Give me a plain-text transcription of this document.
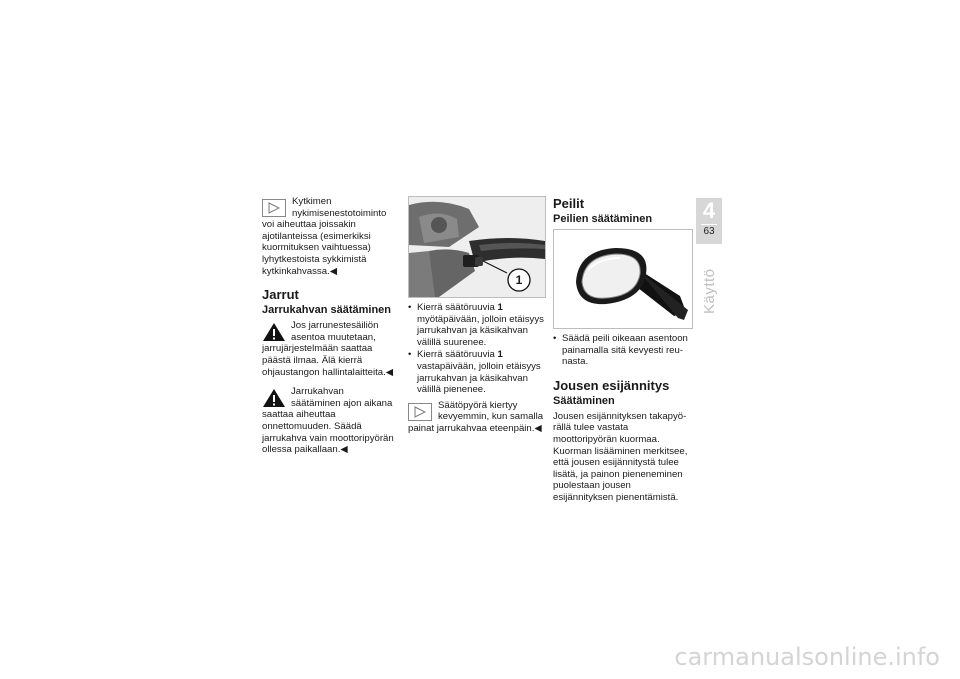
Kytkimen nykimisenestotoiminto voi aiheuttaa joissakin ajotilanteissa (esimerkiksi kuormituksen vaihtuessa) lyhytkestoista sykkimistä kytkinkahvassa.◀

Jarrut
Jarrukahvan säätäminen

Jos jarrunestesäiliön asentoa muutetaan, jarrujärjestelmään saattaa päästä ilmaa. Älä kierrä ohjaustangon hallintalaitteita.◀

Jarrukahvan säätäminen ajon aikana saattaa aiheuttaa onnettomuuden. Säädä jarrukahva vain moottoripyörän ollessa paikallaan.◀

1
• Kierrä säätöruuvia 1 myötäpäivään, jolloin etäisyys jarrukahvan ja käsikahvan välillä suurenee.
• Kierrä säätöruuvia 1 vastapäivään, jolloin etäisyys jarrukahvan ja käsikahvan välillä pienenee.

Säätöpyörä kiertyy kevyemmin, kun samalla painat jarrukahvaa eteenpäin.◀

Peilit
Peilien säätäminen
• Säädä peili oikeaan asentoon painamalla sitä kevyesti reunasta.
Jousen esijännitys
Säätäminen

Jousen esijännityksen takapyörällä tulee vastata moottoripyörän kuormaa. Kuorman lisääminen merkitsee, että jousen esijännitystä tulee lisätä, ja painon pieneneminen puolestaan jousen esijännityksen pienentämistä.

4
63
Käyttö
carmanualsonline.info
